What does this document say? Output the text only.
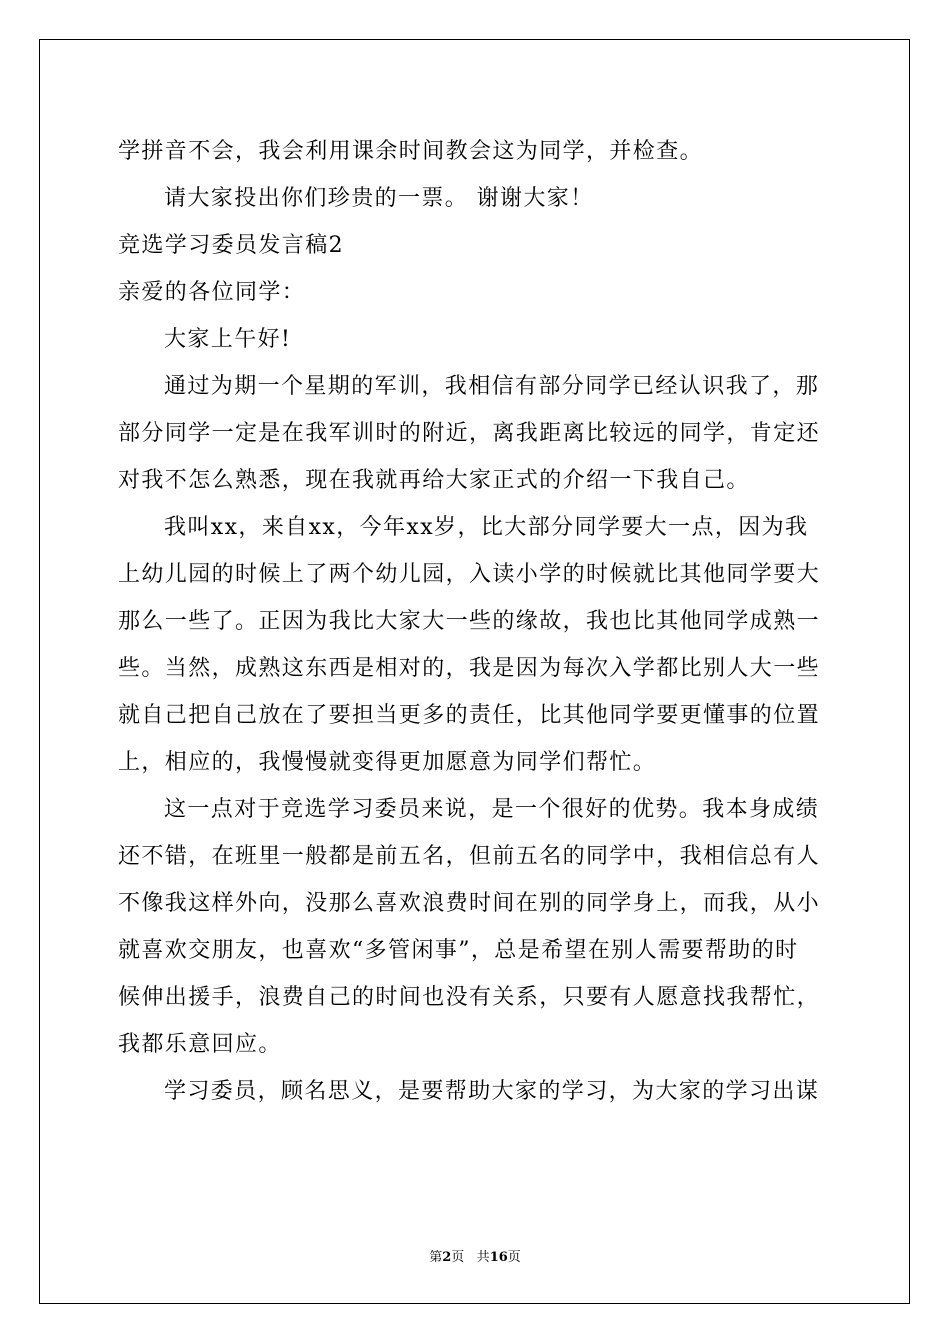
学拼音不会，我会利用课余时间教会这为同学，并检查。
请大家投出你们珍贵的一票。 谢谢大家！
竞选学习委员发言稿2
亲爱的各位同学：
大家上午好!
通过为期一个星期的军训，我相信有部分同学已经认识我了，那
部分同学一定是在我军训时的附近，离我距离比较远的同学，肯定还
对我不怎么熟悉，现在我就再给大家正式的介绍一下我自己。
我叫xx，来自xx，今年xx岁，比大部分同学要大一点，因为我
上幼儿园的时候上了两个幼儿园，入读小学的时候就比其他同学要大
那么一些了。正因为我比大家大一些的缘故，我也比其他同学成熟一
些。当然，成熟这东西是相对的，我是因为每次入学都比别人大一些
就自己把自己放在了要担当更多的责任，比其他同学要更懂事的位置
上，相应的，我慢慢就变得更加愿意为同学们帮忙。
这一点对于竞选学习委员来说，是一个很好的优势。我本身成绩
还不错，在班里一般都是前五名，但前五名的同学中，我相信总有人
不像我这样外向，没那么喜欢浪费时间在别的同学身上，而我，从小
就喜欢交朋友，也喜欢“多管闲事”，总是希望在别人需要帮助的时
候伸出援手，浪费自己的时间也没有关系，只要有人愿意找我帮忙，
我都乐意回应。
学习委员，顾名思义，是要帮助大家的学习，为大家的学习出谋
第2页 共16页
